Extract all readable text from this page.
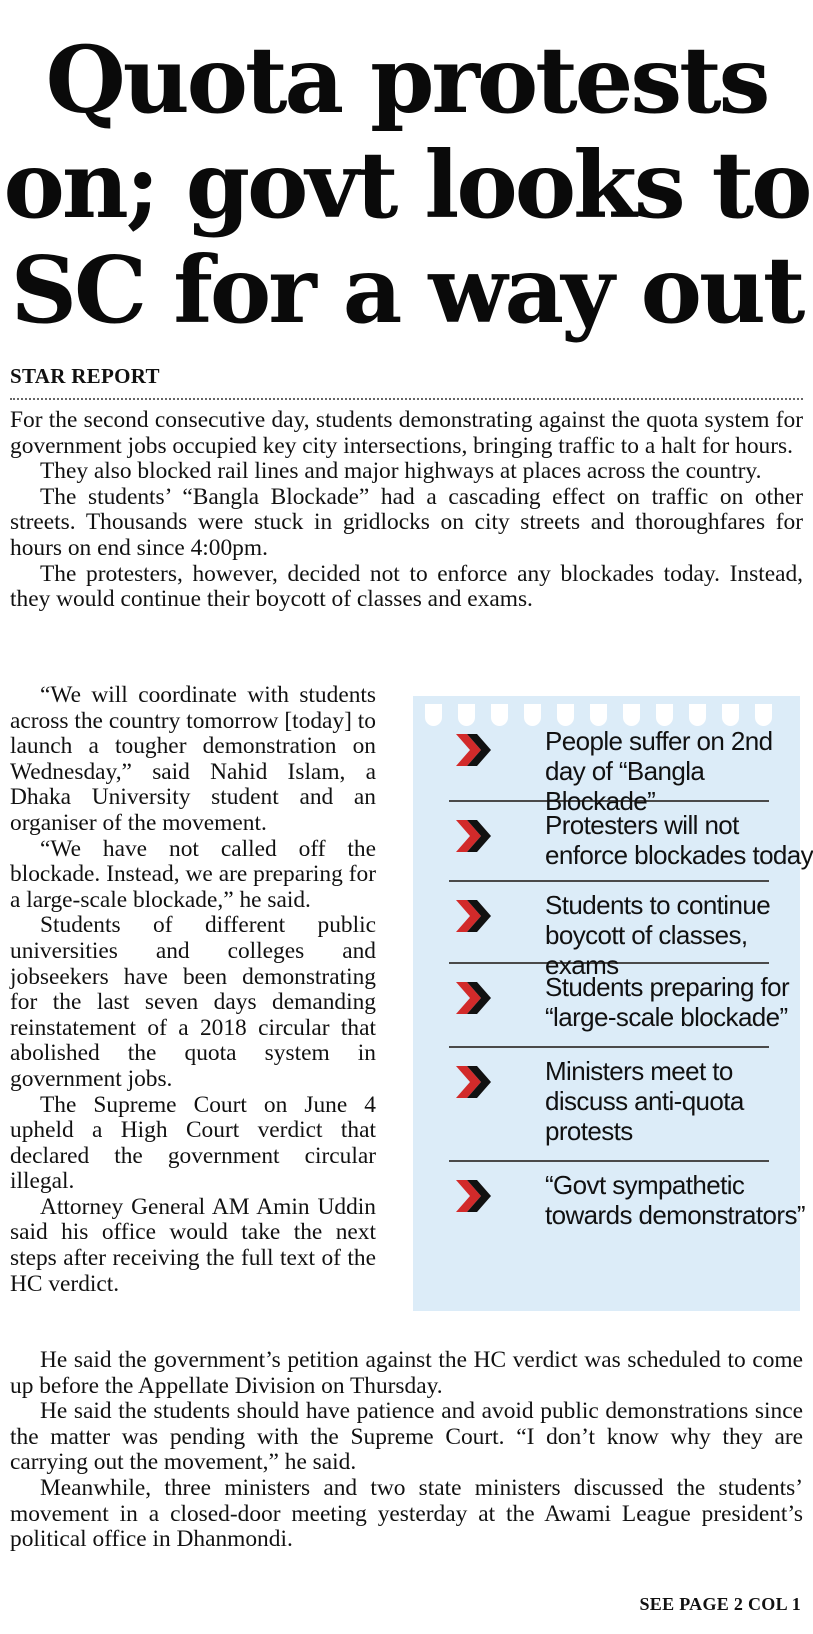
Quota protests on; govt looks to SC for a way out
STAR REPORT

For the second consecutive day, students demonstrating against the quota system for government jobs occupied key city intersections, bringing traffic to a halt for hours.

They also blocked rail lines and major highways at places across the country.

The students’ “Bangla Blockade” had a cascading effect on traffic on other streets. Thousands were stuck in gridlocks on city streets and thoroughfares for hours on end since 4:00pm.

The protesters, however, decided not to enforce any blockades today. Instead, they would continue their boycott of classes and exams.

“We will coordinate with students across the country tomorrow [today] to launch a tougher demonstration on Wednesday,” said Nahid Islam, a Dhaka University student and an organiser of the movement.

“We have not called off the blockade. Instead, we are preparing for a large-scale blockade,” he said.

Students of different public universities and colleges and jobseekers have been demonstrating for the last seven days demanding reinstatement of a 2018 circular that abolished the quota system in government jobs.

The Supreme Court on June 4 upheld a High Court verdict that declared the government circular illegal.

Attorney General AM Amin Uddin said his office would take the next steps after receiving the full text of the HC verdict.

People suffer on 2nd day of “Bangla Blockade”
Protesters will not enforce blockades today
Students to continue boycott of classes, exams
Students preparing for “large-scale blockade”
Ministers meet to discuss anti-quota protests
“Govt sympathetic towards demonstrators”

He said the government’s petition against the HC verdict was scheduled to come up before the Appellate Division on Thursday.

He said the students should have patience and avoid public demonstrations since the matter was pending with the Supreme Court. “I don’t know why they are carrying out the movement,” he said.

Meanwhile, three ministers and two state ministers discussed the students’ movement in a closed-door meeting yesterday at the Awami League president’s political office in Dhanmondi.

SEE PAGE 2 COL 1
